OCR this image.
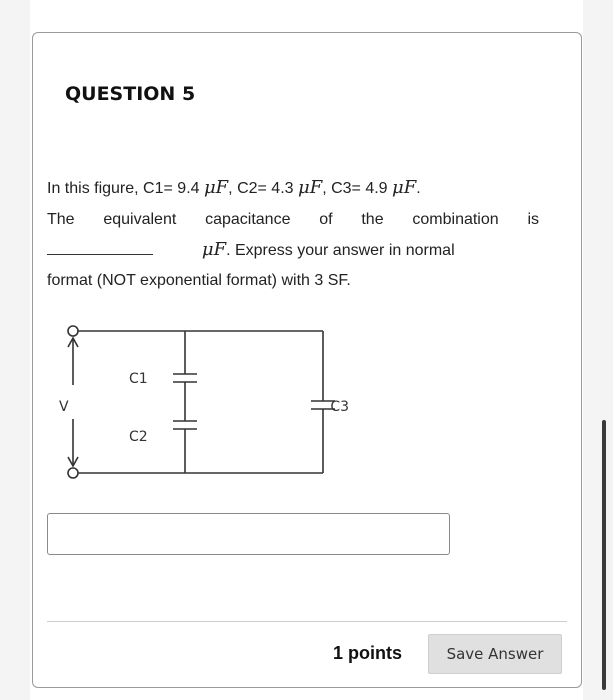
QUESTION 5
In this figure, C1= 9.4 μF, C2= 4.3 μF, C3= 4.9 μF.
The equivalent capacitance of the combination is
μF. Express your answer in normal
format (NOT exponential format) with 3 SF.
C1
C2
C3
V
1 points	Save Answer
